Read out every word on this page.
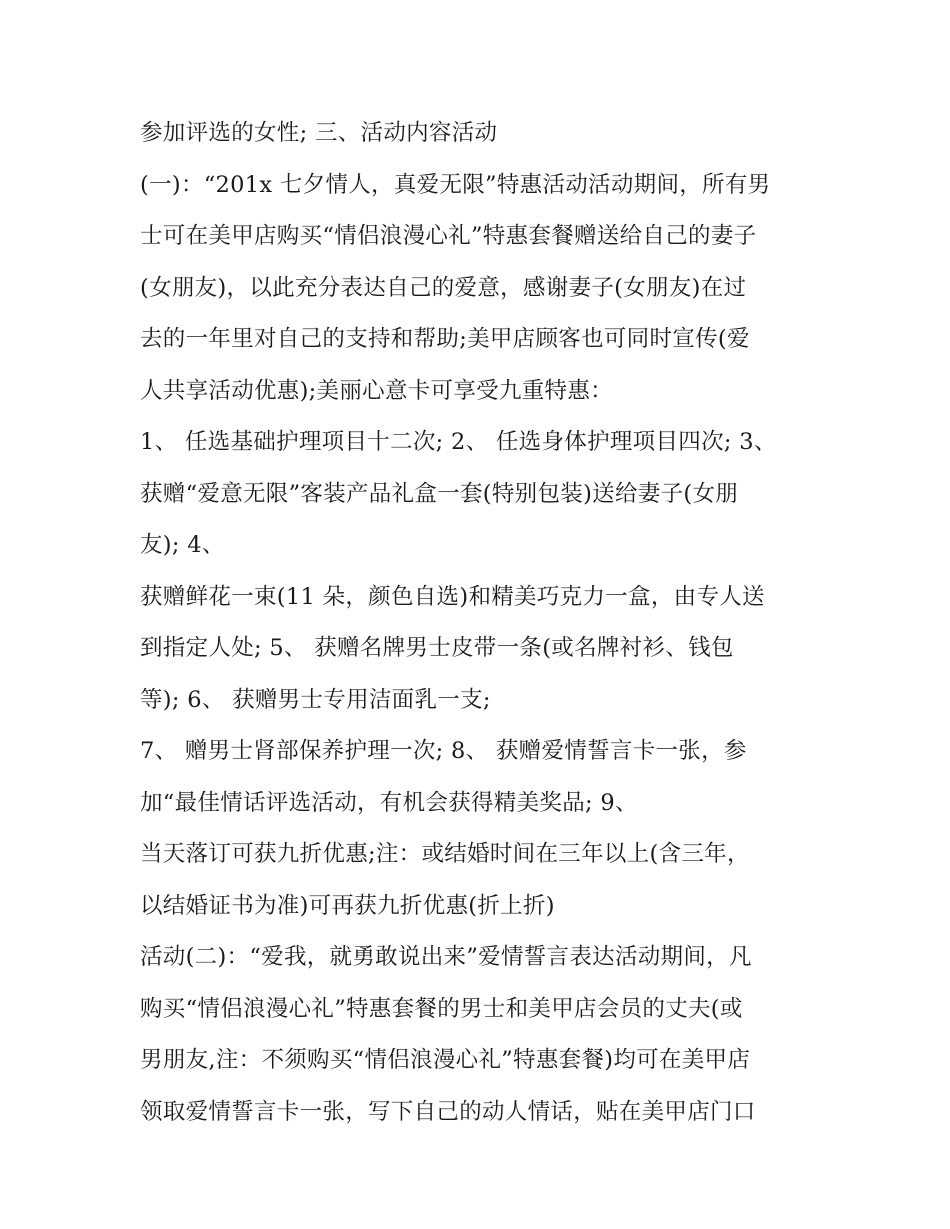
参加评选的女性; 三、活动内容活动
(一)：“201x 七夕情人，真爱无限”特惠活动活动期间，所有男
士可在美甲店购买“情侣浪漫心礼”特惠套餐赠送给自己的妻子
(女朋友)，以此充分表达自己的爱意，感谢妻子(女朋友)在过
去的一年里对自己的支持和帮助;美甲店顾客也可同时宣传(爱
人共享活动优惠);美丽心意卡可享受九重特惠：
1、 任选基础护理项目十二次; 2、 任选身体护理项目四次; 3、
获赠“爱意无限”客装产品礼盒一套(特别包装)送给妻子(女朋
友); 4、
获赠鲜花一束(11 朵，颜色自选)和精美巧克力一盒，由专人送
到指定人处; 5、 获赠名牌男士皮带一条(或名牌衬衫、钱包
等); 6、 获赠男士专用洁面乳一支;
7、 赠男士肾部保养护理一次; 8、 获赠爱情誓言卡一张，参
加“最佳情话评选活动，有机会获得精美奖品; 9、
当天落订可获九折优惠;注：或结婚时间在三年以上(含三年，
以结婚证书为准)可再获九折优惠(折上折)
活动(二)：“爱我，就勇敢说出来”爱情誓言表达活动期间，凡
购买“情侣浪漫心礼”特惠套餐的男士和美甲店会员的丈夫(或
男朋友,注：不须购买“情侣浪漫心礼”特惠套餐)均可在美甲店
领取爱情誓言卡一张，写下自己的动人情话，贴在美甲店门口
